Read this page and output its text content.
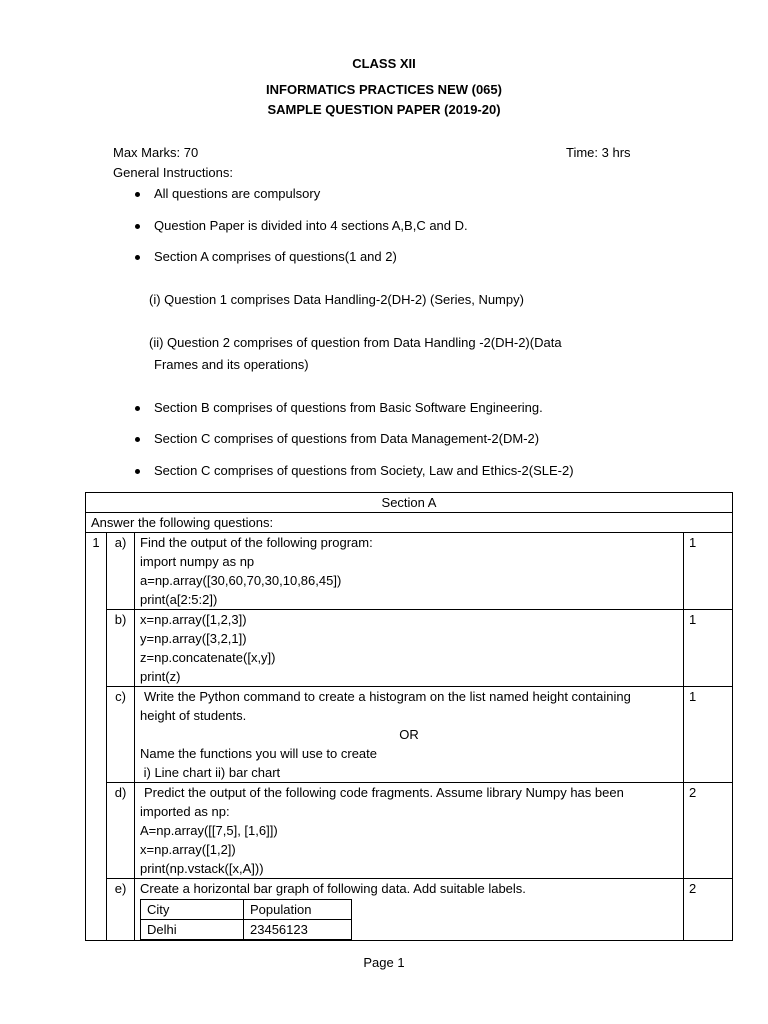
CLASS XII
INFORMATICS PRACTICES NEW (065)
SAMPLE QUESTION PAPER (2019-20)
Max Marks: 70	Time: 3 hrs
General Instructions:
All questions are compulsory
Question Paper is divided into 4 sections A,B,C and D.
Section A comprises of questions(1 and 2)
(i) Question 1 comprises Data Handling-2(DH-2) (Series, Numpy)
(ii) Question 2 comprises of question from Data Handling -2(DH-2)(Data
Frames and its operations)
Section B comprises of questions from Basic Software Engineering.
Section C comprises of questions from Data Management-2(DM-2)
Section C comprises of questions from Society, Law and Ethics-2(SLE-2)
Section A
Answer the following questions:
1	a)	Find the output of the following program:
import numpy as np
a=np.array([30,60,70,30,10,86,45])
print(a[2:5:2])
	1
b)	x=np.array([1,2,3])
y=np.array([3,2,1])
z=np.concatenate([x,y])
print(z)
	1
c)	Write the Python command to create a histogram on the list named height containing
height of students.
OR
Name the functions you will use to create
i) Line chart ii) bar chart
	1
d)	Predict the output of the following code fragments. Assume library Numpy has been
imported as np:
A=np.array([[7,5], [1,6]])
x=np.array([1,2])
print(np.vstack([x,A]))
	2
e)	Create a horizontal bar graph of following data. Add suitable labels.
City	Population
Delhi	23456123
	2
Page 1
